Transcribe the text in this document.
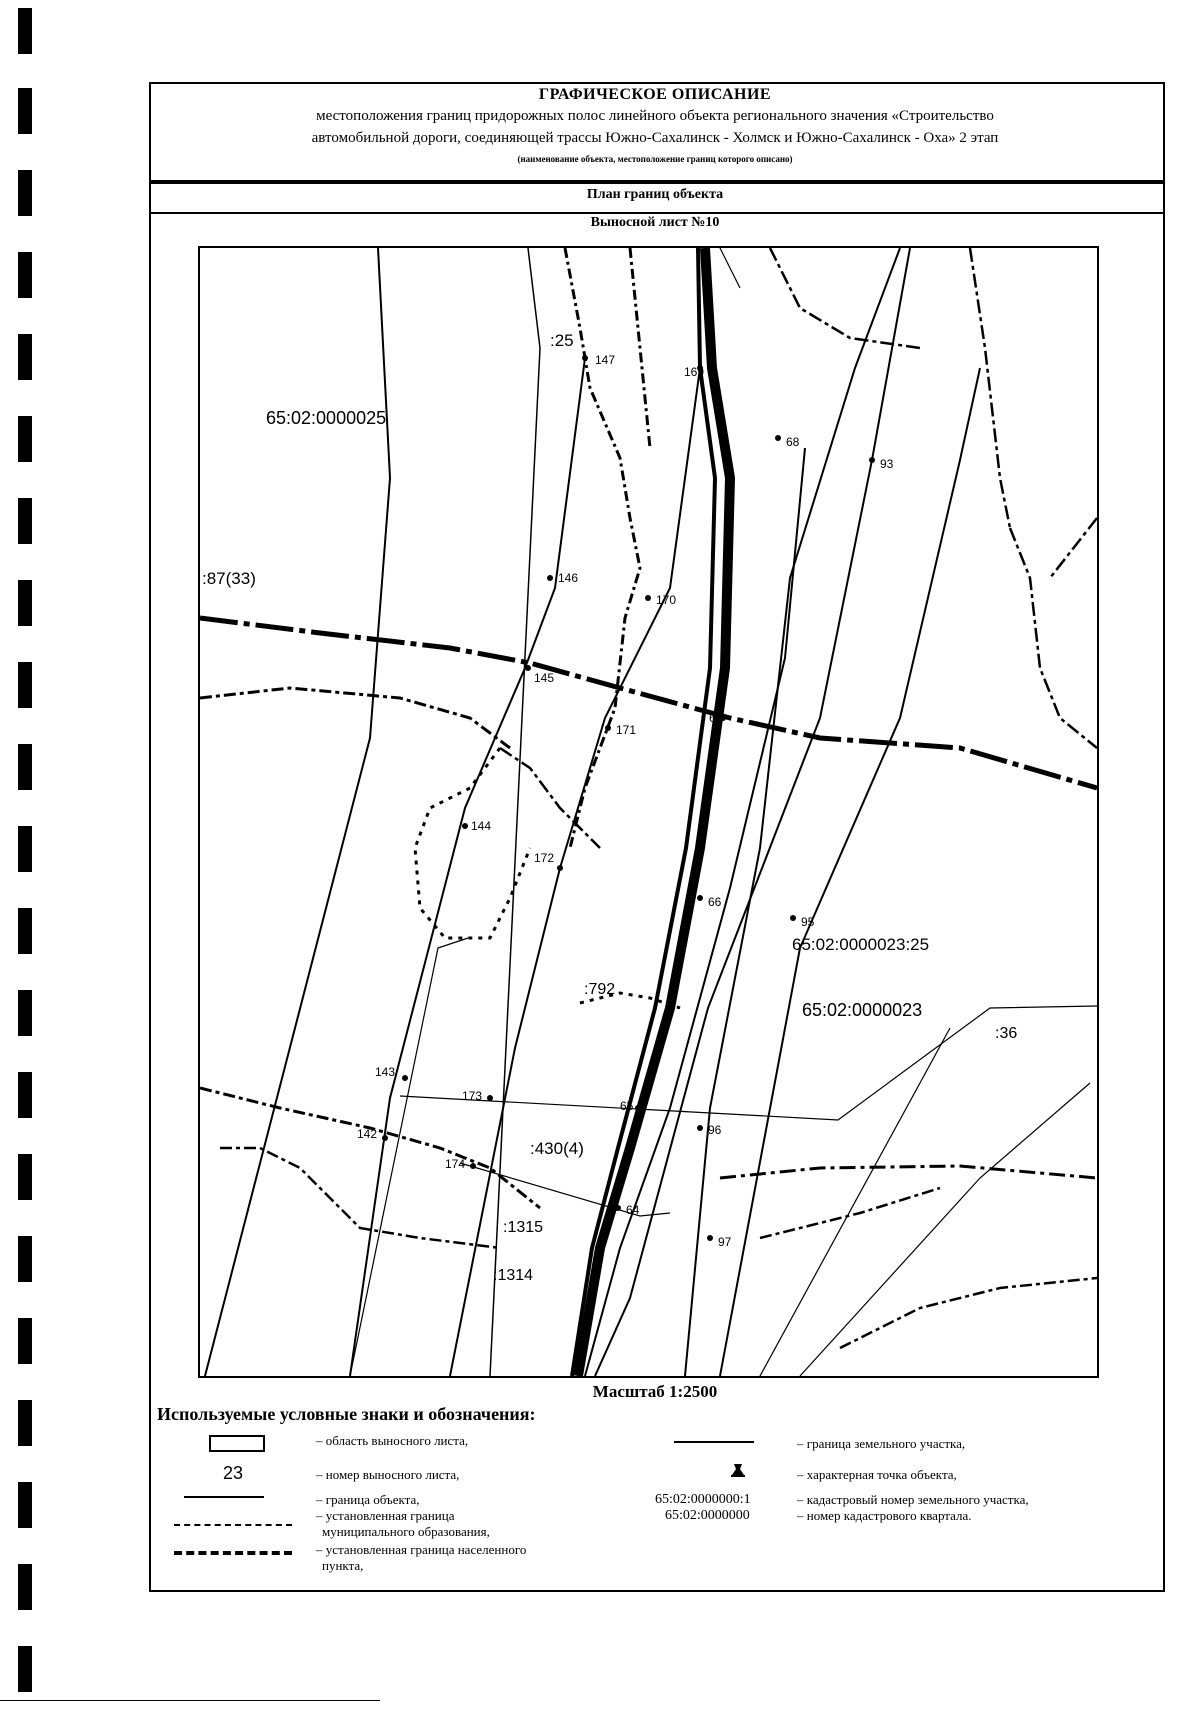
ГРАФИЧЕСКОЕ ОПИСАНИЕ
местоположения границ придорожных полос линейного объекта регионального значения «Строительство
автомобильной дороги, соединяющей трассы Южно-Сахалинск - Холмск и Южно-Сахалинск - Оха» 2 этап
(наименование объекта, местоположение границ которого описано)
План границ объекта
Выносной лист №10
147
169
68
93
146
170
145
171
6
144
172
66
95
143
173
65
96
142
174
64
97
65:02:0000025
:87(33)
:25
65:02:0000023:25
65:02:0000023
:36
:792
:430(4)
:1315
:1314
Масштаб 1:2500
Используемые условные знаки и обозначения:
– область выносного листа,
23	– номер выносного листа,
– граница объекта,
– установленная граница
муниципального образования,
– установленная граница населенного
пункта,
– граница земельного участка,
– характерная точка объекта,
65:02:0000000:1
65:02:0000000
– кадастровый номер земельного участка,
– номер кадастрового квартала.
